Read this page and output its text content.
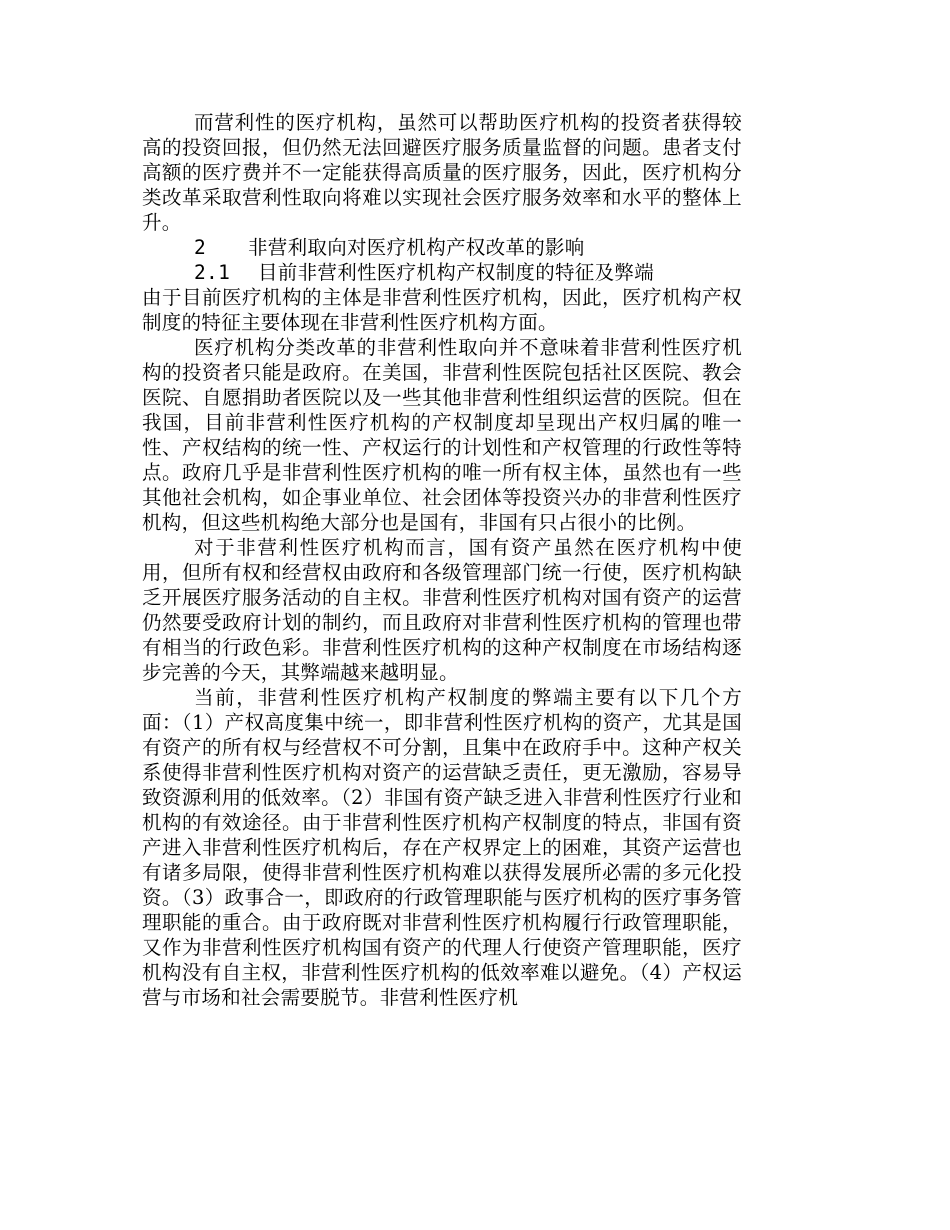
而营利性的医疗机构，虽然可以帮助医疗机构的投资者获得较高的投资回报，但仍然无法回避医疗服务质量监督的问题。患者支付高额的医疗费并不一定能获得高质量的医疗服务，因此，医疗机构分类改革采取营利性取向将难以实现社会医疗服务效率和水平的整体上升。

2 非营利取向对医疗机构产权改革的影响
2.1 目前非营利性医疗机构产权制度的特征及弊端

由于目前医疗机构的主体是非营利性医疗机构，因此，医疗机构产权制度的特征主要体现在非营利性医疗机构方面。

医疗机构分类改革的非营利性取向并不意味着非营利性医疗机构的投资者只能是政府。在美国，非营利性医院包括社区医院、教会医院、自愿捐助者医院以及一些其他非营利性组织运营的医院。但在我国，目前非营利性医疗机构的产权制度却呈现出产权归属的唯一性、产权结构的统一性、产权运行的计划性和产权管理的行政性等特点。政府几乎是非营利性医疗机构的唯一所有权主体，虽然也有一些其他社会机构，如企事业单位、社会团体等投资兴办的非营利性医疗机构，但这些机构绝大部分也是国有，非国有只占很小的比例。

对于非营利性医疗机构而言，国有资产虽然在医疗机构中使用，但所有权和经营权由政府和各级管理部门统一行使，医疗机构缺乏开展医疗服务活动的自主权。非营利性医疗机构对国有资产的运营仍然要受政府计划的制约，而且政府对非营利性医疗机构的管理也带有相当的行政色彩。非营利性医疗机构的这种产权制度在市场结构逐步完善的今天，其弊端越来越明显。

当前，非营利性医疗机构产权制度的弊端主要有以下几个方面：（1）产权高度集中统一，即非营利性医疗机构的资产，尤其是国有资产的所有权与经营权不可分割，且集中在政府手中。这种产权关系使得非营利性医疗机构对资产的运营缺乏责任，更无激励，容易导致资源利用的低效率。（2）非国有资产缺乏进入非营利性医疗行业和机构的有效途径。由于非营利性医疗机构产权制度的特点，非国有资产进入非营利性医疗机构后，存在产权界定上的困难，其资产运营也有诸多局限，使得非营利性医疗机构难以获得发展所必需的多元化投资。（3）政事合一，即政府的行政管理职能与医疗机构的医疗事务管理职能的重合。由于政府既对非营利性医疗机构履行行政管理职能，又作为非营利性医疗机构国有资产的代理人行使资产管理职能，医疗机构没有自主权，非营利性医疗机构的低效率难以避免。（4）产权运营与市场和社会需要脱节。非营利性医疗机
